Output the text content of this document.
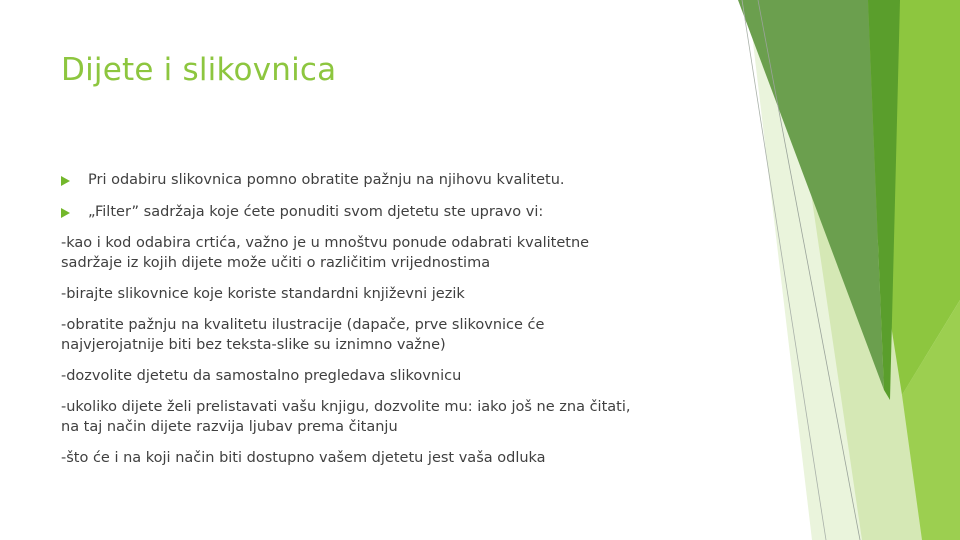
Dijete i slikovnica
Pri odabiru slikovnica pomno obratite pažnju na njihovu kvalitetu.
„Filter” sadržaja koje ćete ponuditi svom djetetu ste upravo vi:

-kao i kod odabira crtića, važno je u mnoštvu ponude odabrati kvalitetne
sadržaje iz kojih dijete može učiti o različitim vrijednostima

-birajte slikovnice koje koriste standardni književni jezik

-obratite pažnju na kvalitetu ilustracije (dapače, prve slikovnice će
najvjerojatnije biti bez teksta-slike su iznimno važne)

-dozvolite djetetu da samostalno pregledava slikovnicu

-ukoliko dijete želi prelistavati vašu knjigu, dozvolite mu: iako još ne zna čitati,
na taj način dijete razvija ljubav prema čitanju

-što će i na koji način biti dostupno vašem djetetu jest vaša odluka
